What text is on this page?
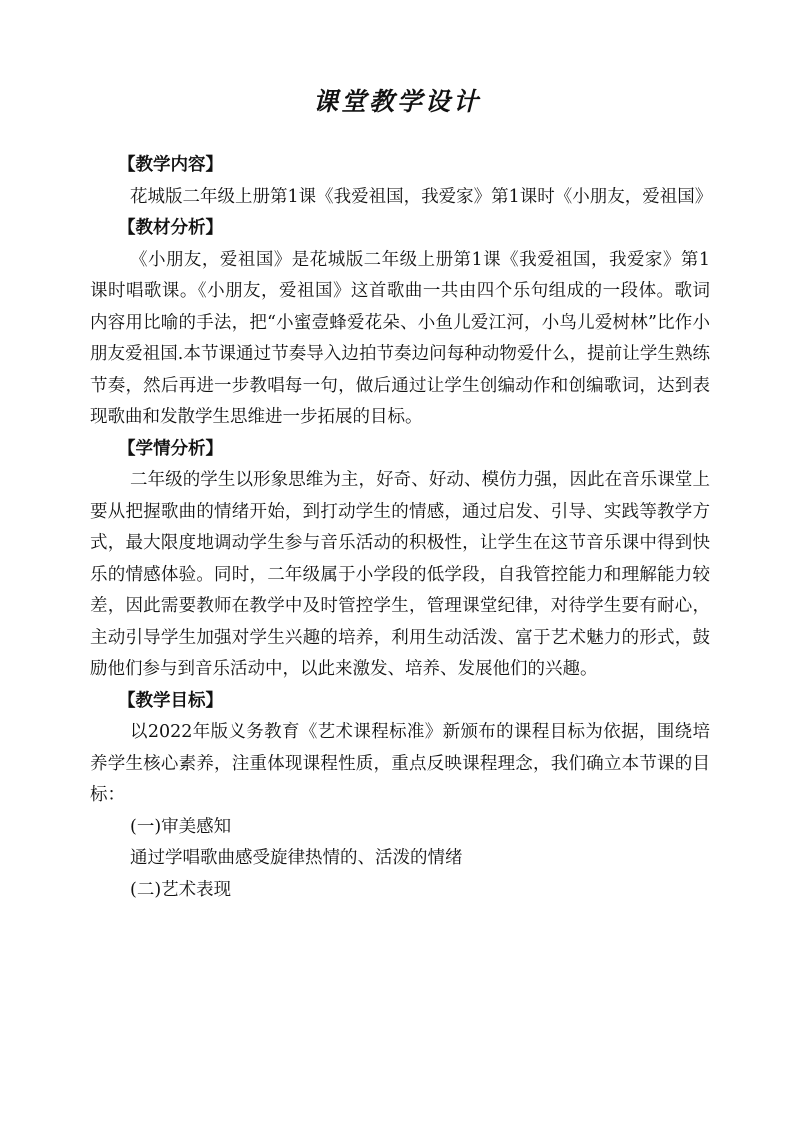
课堂教学设计
【教学内容】
花城版二年级上册第1课《我爱祖国，我爱家》第1课时《小朋友，爱祖国》
【教材分析】
《小朋友，爱祖国》是花城版二年级上册第1课《我爱祖国，我爱家》第1课时唱歌课。《小朋友，爱祖国》这首歌曲一共由四个乐句组成的一段体。歌词内容用比喻的手法，把“小蜜壹蜂爱花朵、小鱼儿爱江河，小鸟儿爱树林”比作小朋友爱祖国.本节课通过节奏导入边拍节奏边问每种动物爱什么，提前让学生熟练节奏，然后再进一步教唱每一句，做后通过让学生创编动作和创编歌词，达到表现歌曲和发散学生思维进一步拓展的目标。
【学情分析】
二年级的学生以形象思维为主，好奇、好动、模仿力强，因此在音乐课堂上要从把握歌曲的情绪开始，到打动学生的情感，通过启发、引导、实践等教学方式，最大限度地调动学生参与音乐活动的积极性，让学生在这节音乐课中得到快乐的情感体验。同时，二年级属于小学段的低学段，自我管控能力和理解能力较差，因此需要教师在教学中及时管控学生，管理课堂纪律，对待学生要有耐心，主动引导学生加强对学生兴趣的培养，利用生动活泼、富于艺术魅力的形式，鼓励他们参与到音乐活动中，以此来激发、培养、发展他们的兴趣。
【教学目标】
以2022年版义务教育《艺术课程标准》新颁布的课程目标为依据，围绕培养学生核心素养，注重体现课程性质，重点反映课程理念，我们确立本节课的目标：
(一)审美感知
通过学唱歌曲感受旋律热情的、活泼的情绪
(二)艺术表现
